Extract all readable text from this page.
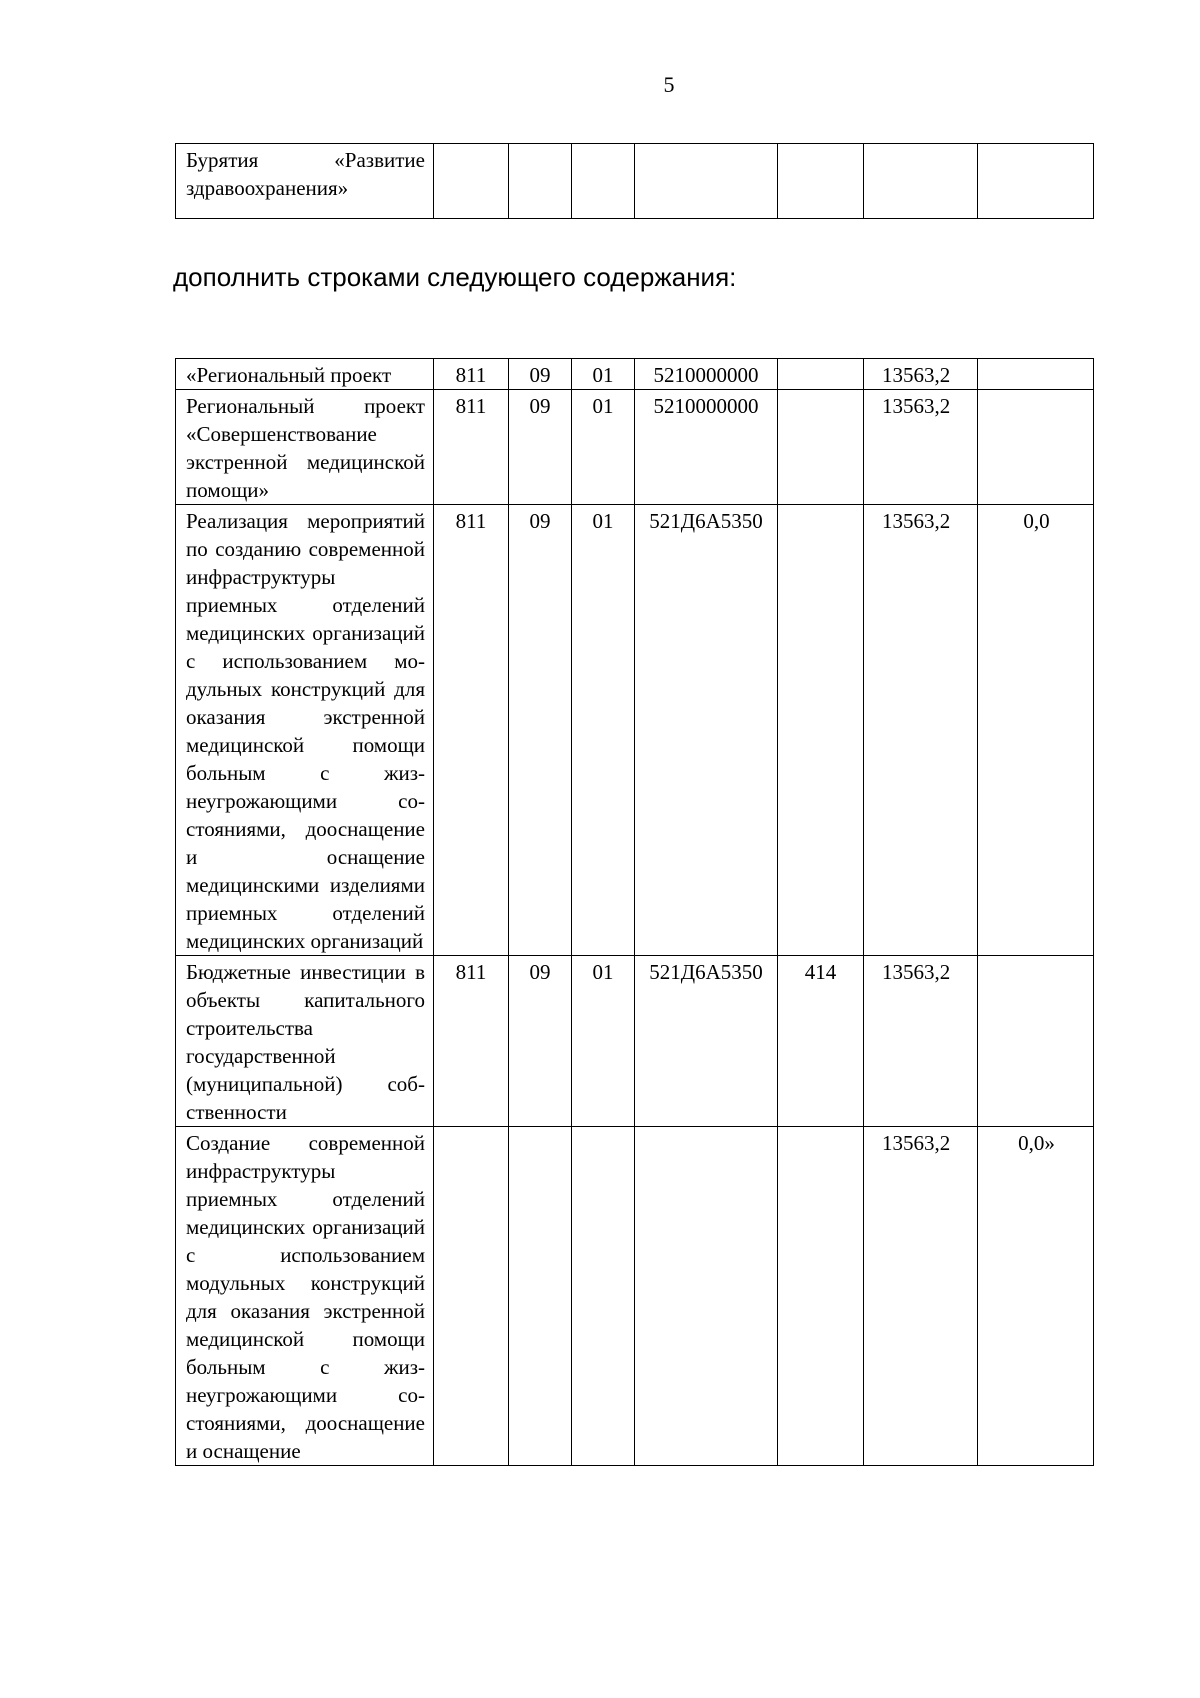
5
Бурятия «Развитие здравоохранения»							
дополнить строками следующего содержания:
«Региональный проект	811	09	01	5210000000		13563,2	
Региональный проект «Совершенствование экстренной медицинской помощи»	811	09	01	5210000000		13563,2	
Реализация мероприятий по созданию современной инфраструктуры приемных отделений медицинских организаций с использованием модульных конструкций для оказания экстренной медицинской помощи больным с жизнеугрожающими состояниями, дооснащение и оснащение медицинскими изделиями приемных отделений медицинских организаций	811	09	01	521Д6А5350		13563,2	0,0
Бюджетные инвестиции в объекты капитального строительства государственной (муниципальной) собственности	811	09	01	521Д6А5350	414	13563,2	
Создание современной инфраструктуры приемных отделений медицинских организаций с использованием модульных конструкций для оказания экстренной медицинской помощи больным с жизнеугрожающими состояниями, дооснащение и оснащение						13563,2	0,0»
